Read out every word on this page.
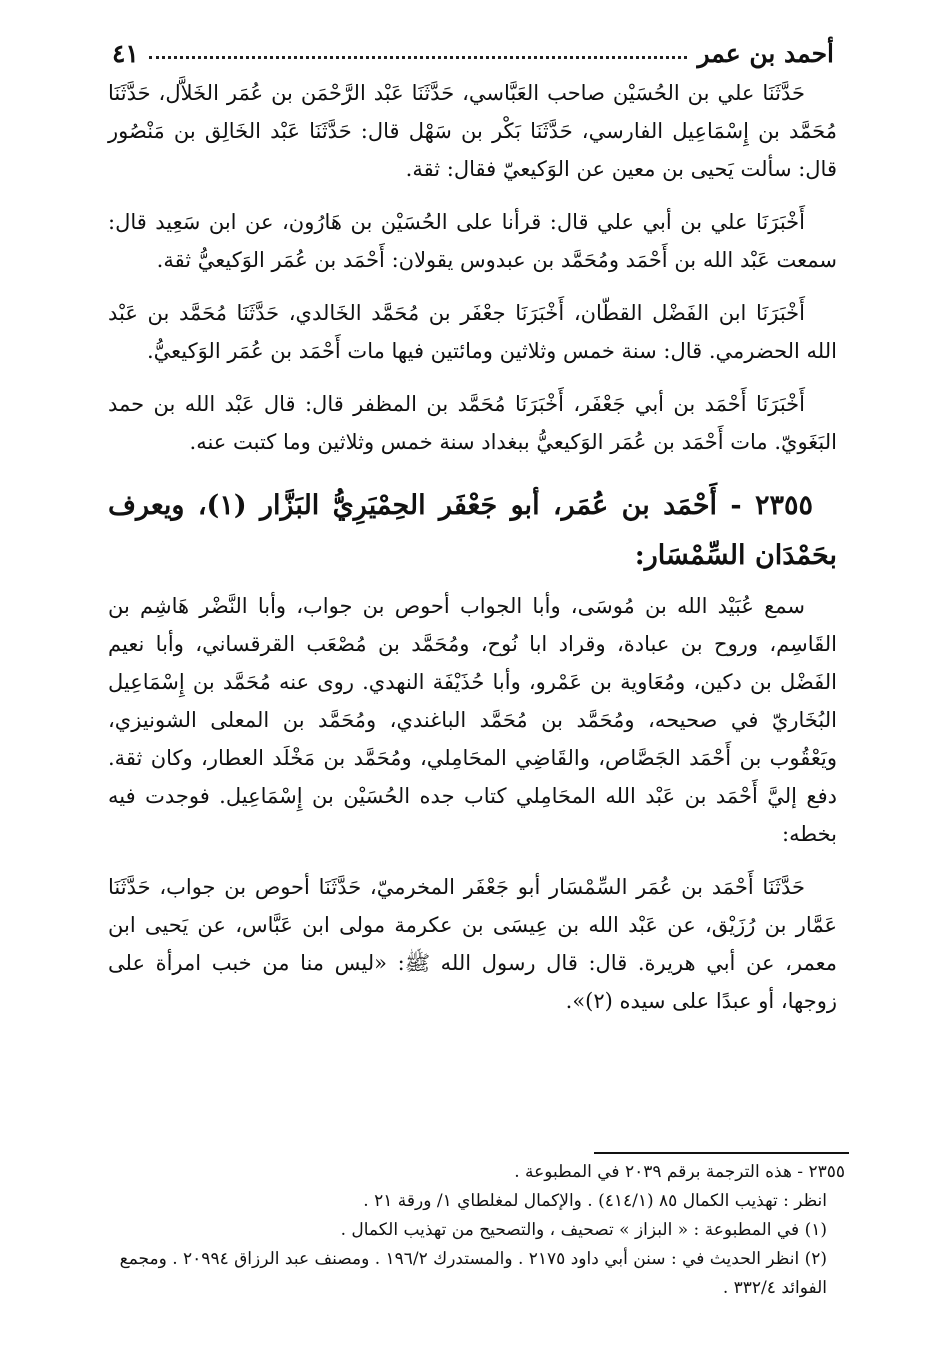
أحمد بن عمر
٤١

حَدَّثَنَا علي بن الحُسَيْن صاحب العَبَّاسي، حَدَّثَنَا عَبْد الرَّحْمَن بن عُمَر الخَلاَّل، حَدَّثَنَا مُحَمَّد بن إِسْمَاعِيل الفارسي، حَدَّثَنَا بَكْر بن سَهْل قال: حَدَّثَنَا عَبْد الخَالِق بن مَنْصُور قال: سألت يَحيى بن معين عن الوَكيعيّ فقال: ثقة.

أَخْبَرَنَا علي بن أبي علي قال: قرأنا على الحُسَيْن بن هَارُون، عن ابن سَعِيد قال: سمعت عَبْد الله بن أَحْمَد ومُحَمَّد بن عبدوس يقولان: أَحْمَد بن عُمَر الوَكيعيُّ ثقة.

أَخْبَرَنَا ابن الفَضْل القطّان، أَخْبَرَنَا جعْفَر بن مُحَمَّد الخَالدي، حَدَّثَنَا مُحَمَّد بن عَبْد الله الحضرمي. قال: سنة خمس وثلاثين ومائتين فيها مات أَحْمَد بن عُمَر الوَكيعيُّ.

أَخْبَرَنَا أَحْمَد بن أبي جَعْفَر، أَخْبَرَنَا مُحَمَّد بن المظفر قال: قال عَبْد الله بن حمد البَغَويّ. مات أَحْمَد بن عُمَر الوَكيعيُّ ببغداد سنة خمس وثلاثين وما كتبت عنه.

٢٣٥٥ - أَحْمَد بن عُمَر، أبو جَعْفَر الحِمْيَرِيُّ البَزَّار (١)، ويعرف بحَمْدَان السِّمْسَار:

سمع عُبَيْد الله بن مُوسَى، وأبا الجواب أحوص بن جواب، وأبا النَّضْر هَاشِم بن القَاسِم، وروح بن عبادة، وقراد ابا نُوح، ومُحَمَّد بن مُصْعَب القرقساني، وأبا نعيم الفَضْل بن دكين، ومُعَاوية بن عَمْرو، وأبا حُذَيْفَة النهدي. روى عنه مُحَمَّد بن إِسْمَاعِيل البُخَاريّ في صحيحه، ومُحَمَّد بن مُحَمَّد الباغندي، ومُحَمَّد بن المعلى الشونيزي، ويَعْقُوب بن أَحْمَد الجَصَّاص، والقَاضِي المحَامِلي، ومُحَمَّد بن مَخْلَد العطار، وكان ثقة. دفع إليَّ أَحْمَد بن عَبْد الله المحَامِلي كتاب جده الحُسَيْن بن إِسْمَاعِيل. فوجدت فيه بخطه:

حَدَّثَنَا أَحْمَد بن عُمَر السِّمْسَار أبو جَعْفَر المخرميّ، حَدَّثَنَا أحوص بن جواب، حَدَّثَنَا عَمَّار بن رُزَيْق، عن عَبْد الله بن عِيسَى بن عكرمة مولى ابن عَبَّاس، عن يَحيى ابن معمر، عن أبي هريرة. قال: قال رسول الله ﷺ: «ليس منا من خبب امرأة على زوجها، أو عبدًا على سيده (٢)».

٢٣٥٥ - هذه الترجمة برقم ٢٠٣٩ في المطبوعة .

انظر : تهذيب الكمال ٨٥ (٤١٤/١) . والإكمال لمغلطاي ١/ ورقة ٢١ .

(١) في المطبوعة : « البزاز » تصحيف ، والتصحيح من تهذيب الكمال .

(٢) انظر الحديث في : سنن أبي داود ٢١٧٥ . والمستدرك ١٩٦/٢ . ومصنف عبد الرزاق ٢٠٩٩٤ . ومجمع الفوائد ٣٣٢/٤ .
